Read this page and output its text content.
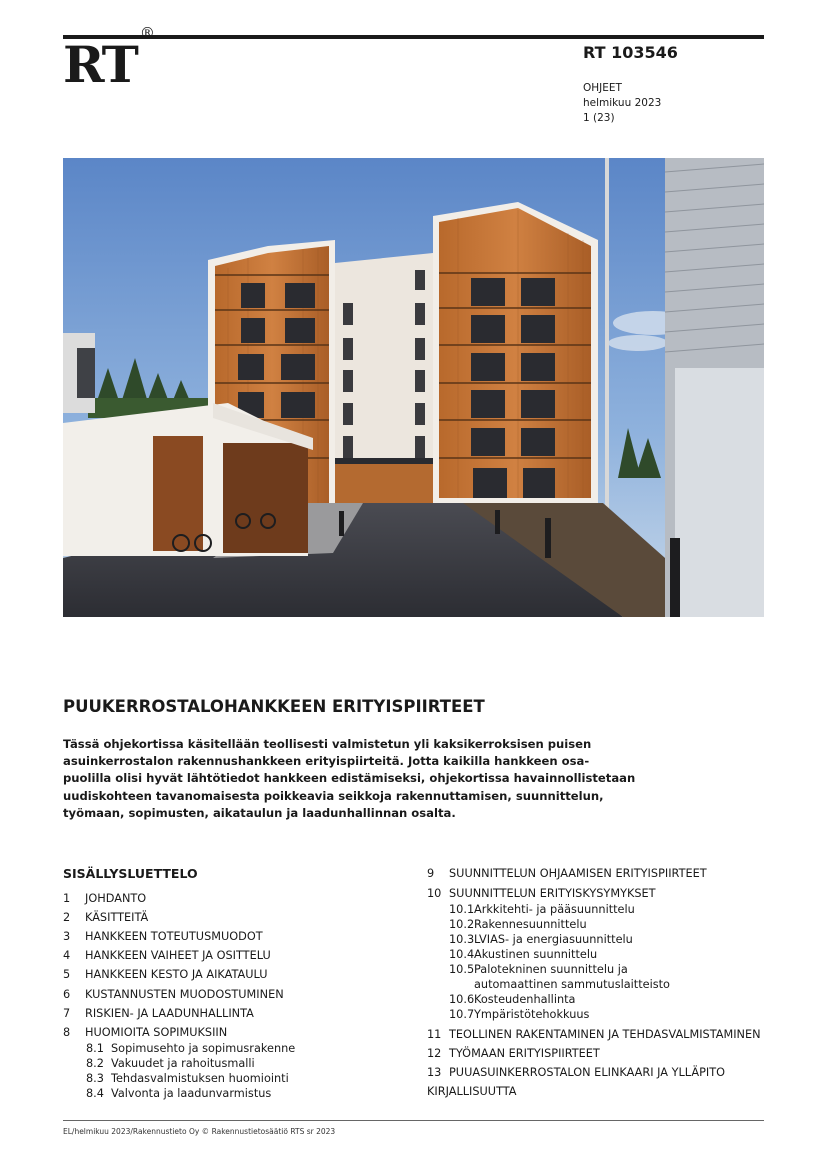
RT®
RT 103546
OHJEET
helmikuu 2023
1 (23)
PUUKERROSTALOHANKKEEN ERITYISPIIRTEET
Tässä ohjekortissa käsitellään teollisesti valmistetun yli kaksikerroksisen puisen
asuinkerrostalon rakennushankkeen erityispiirteitä. Jotta kaikilla hankkeen osa-
puolilla olisi hyvät lähtötiedot hankkeen edistämiseksi, ohjekortissa havainnollistetaan
uudiskohteen tavanomaisesta poikkeavia seikkoja rakennuttamisen, suunnittelun,
työmaan, sopimusten, aikataulun ja laadunhallinnan osalta.
SISÄLLYSLUETTELO
1 JOHDANTO
2 KÄSITTEITÄ
3 HANKKEEN TOTEUTUSMUODOT
4 HANKKEEN VAIHEET JA OSITTELU
5 HANKKEEN KESTO JA AIKATAULU
6 KUSTANNUSTEN MUODOSTUMINEN
7 RISKIEN- JA LAADUNHALLINTA
8 HUOMIOITA SOPIMUKSIIN
8.1 Sopimusehto ja sopimusrakenne
8.2 Vakuudet ja rahoitusmalli
8.3 Tehdasvalmistuksen huomiointi
8.4 Valvonta ja laadunvarmistus
9 SUUNNITTELUN OHJAAMISEN ERITYISPIIRTEET
10 SUUNNITTELUN ERITYISKYSYMYKSET
10.1Arkkitehti- ja pääsuunnittelu
10.2Rakennesuunnittelu
10.3LVIAS- ja energiasuunnittelu
10.4Akustinen suunnittelu
10.5Palotekninen suunnittelu ja
automaattinen sammutuslaitteisto
10.6Kosteudenhallinta
10.7Ympäristötehokkuus
11 TEOLLINEN RAKENTAMINEN JA TEHDASVALMISTAMINEN
12 TYÖMAAN ERITYISPIIRTEET
13 PUUASUINKERROSTALON ELINKAARI JA YLLÄPITO
KIRJALLISUUTTA
EL/helmikuu 2023/Rakennustieto Oy © Rakennustietosäätiö RTS sr 2023
